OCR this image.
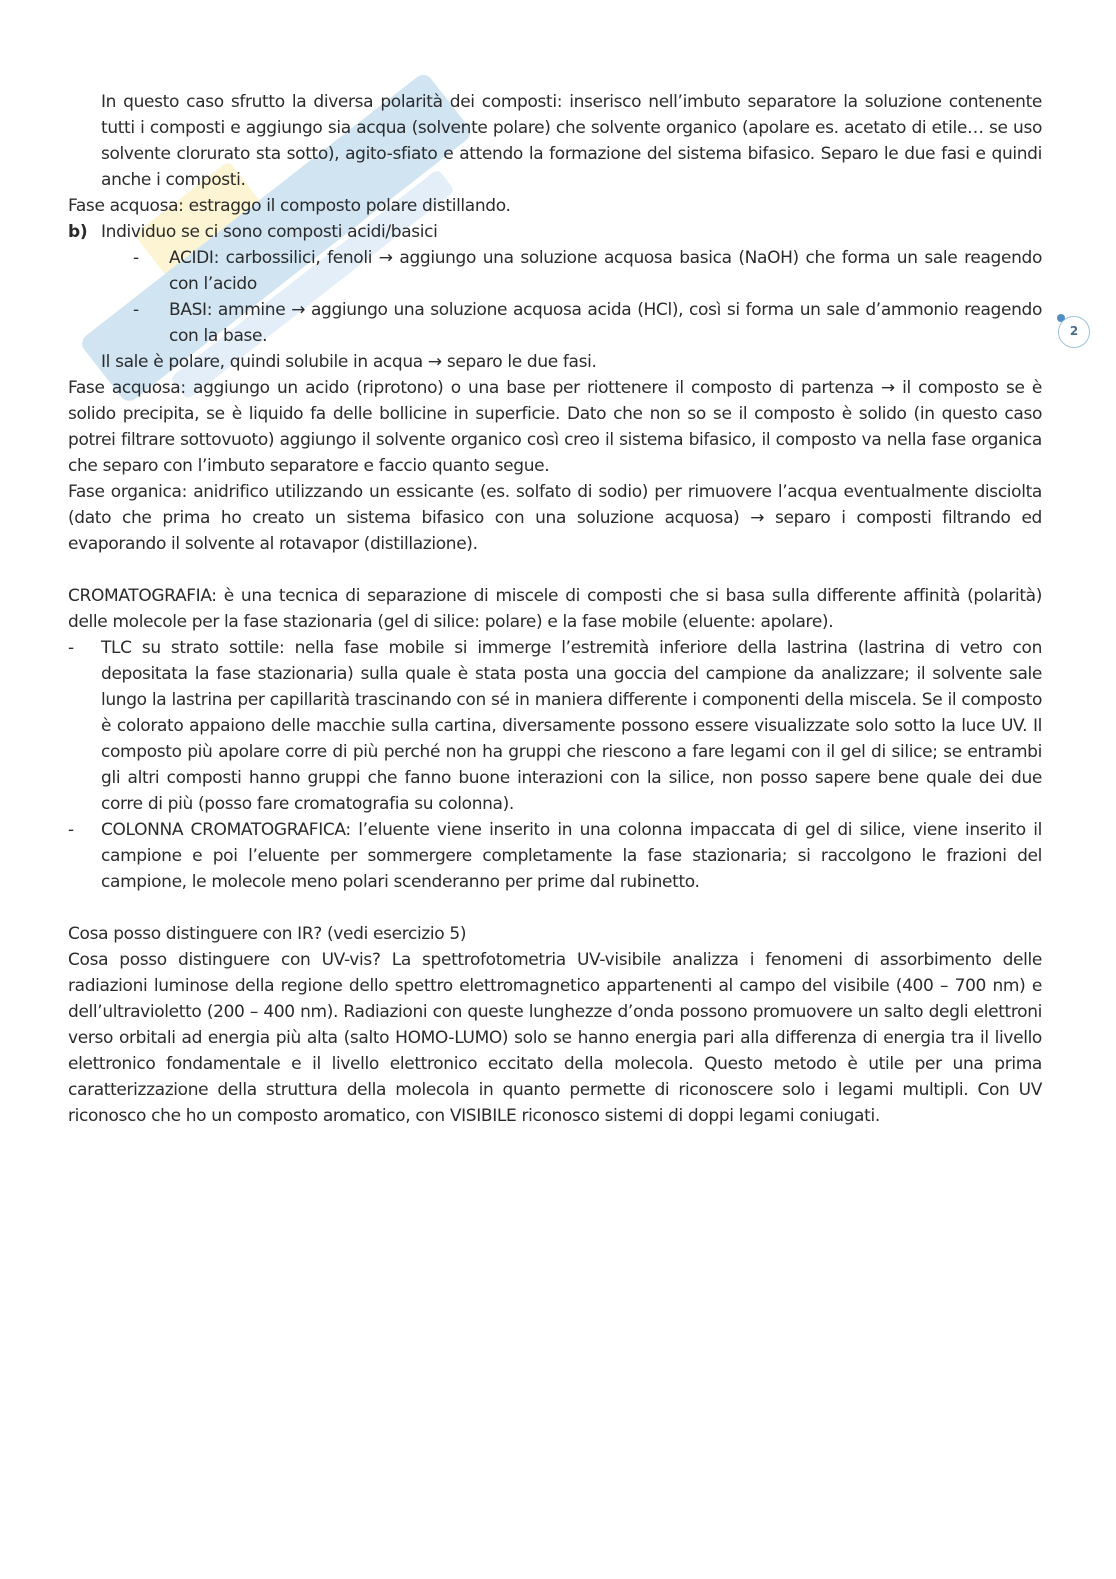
2

In questo caso sfrutto la diversa polarità dei composti: inserisco nell’imbuto separatore la soluzione contenente tutti i composti e aggiungo sia acqua (solvente polare) che solvente organico (apolare es. acetato di etile… se uso solvente clorurato sta sotto), agito-sfiato e attendo la formazione del sistema bifasico. Separo le due fasi e quindi anche i composti.

Fase acquosa: estraggo il composto polare distillando.

b) Individuo se ci sono composti acidi/basici
- ACIDI: carbossilici, fenoli → aggiungo una soluzione acquosa basica (NaOH) che forma un sale reagendo con l’acido
- BASI: ammine → aggiungo una soluzione acquosa acida (HCl), così si forma un sale d’ammonio reagendo con la base.

Il sale è polare, quindi solubile in acqua → separo le due fasi.

Fase acquosa: aggiungo un acido (riprotono) o una base per riottenere il composto di partenza → il composto se è solido precipita, se è liquido fa delle bollicine in superficie. Dato che non so se il composto è solido (in questo caso potrei filtrare sottovuoto) aggiungo il solvente organico così creo il sistema bifasico, il composto va nella fase organica che separo con l’imbuto separatore e faccio quanto segue.

Fase organica: anidrifico utilizzando un essicante (es. solfato di sodio) per rimuovere l’acqua eventualmente disciolta (dato che prima ho creato un sistema bifasico con una soluzione acquosa) → separo i composti filtrando ed evaporando il solvente al rotavapor (distillazione).

CROMATOGRAFIA: è una tecnica di separazione di miscele di composti che si basa sulla differente affinità (polarità) delle molecole per la fase stazionaria (gel di silice: polare) e la fase mobile (eluente: apolare).

- TLC su strato sottile: nella fase mobile si immerge l’estremità inferiore della lastrina (lastrina di vetro con depositata la fase stazionaria) sulla quale è stata posta una goccia del campione da analizzare; il solvente sale lungo la lastrina per capillarità trascinando con sé in maniera differente i componenti della miscela. Se il composto è colorato appaiono delle macchie sulla cartina, diversamente possono essere visualizzate solo sotto la luce UV. Il composto più apolare corre di più perché non ha gruppi che riescono a fare legami con il gel di silice; se entrambi gli altri composti hanno gruppi che fanno buone interazioni con la silice, non posso sapere bene quale dei due corre di più (posso fare cromatografia su colonna).
- COLONNA CROMATOGRAFICA: l’eluente viene inserito in una colonna impaccata di gel di silice, viene inserito il campione e poi l’eluente per sommergere completamente la fase stazionaria; si raccolgono le frazioni del campione, le molecole meno polari scenderanno per prime dal rubinetto.

Cosa posso distinguere con IR? (vedi esercizio 5)

Cosa posso distinguere con UV-vis? La spettrofotometria UV-visibile analizza i fenomeni di assorbimento delle radiazioni luminose della regione dello spettro elettromagnetico appartenenti al campo del visibile (400 – 700 nm) e dell’ultravioletto (200 – 400 nm). Radiazioni con queste lunghezze d’onda possono promuovere un salto degli elettroni verso orbitali ad energia più alta (salto HOMO-LUMO) solo se hanno energia pari alla differenza di energia tra il livello elettronico fondamentale e il livello elettronico eccitato della molecola. Questo metodo è utile per una prima caratterizzazione della struttura della molecola in quanto permette di riconoscere solo i legami multipli. Con UV riconosco che ho un composto aromatico, con VISIBILE riconosco sistemi di doppi legami coniugati.
